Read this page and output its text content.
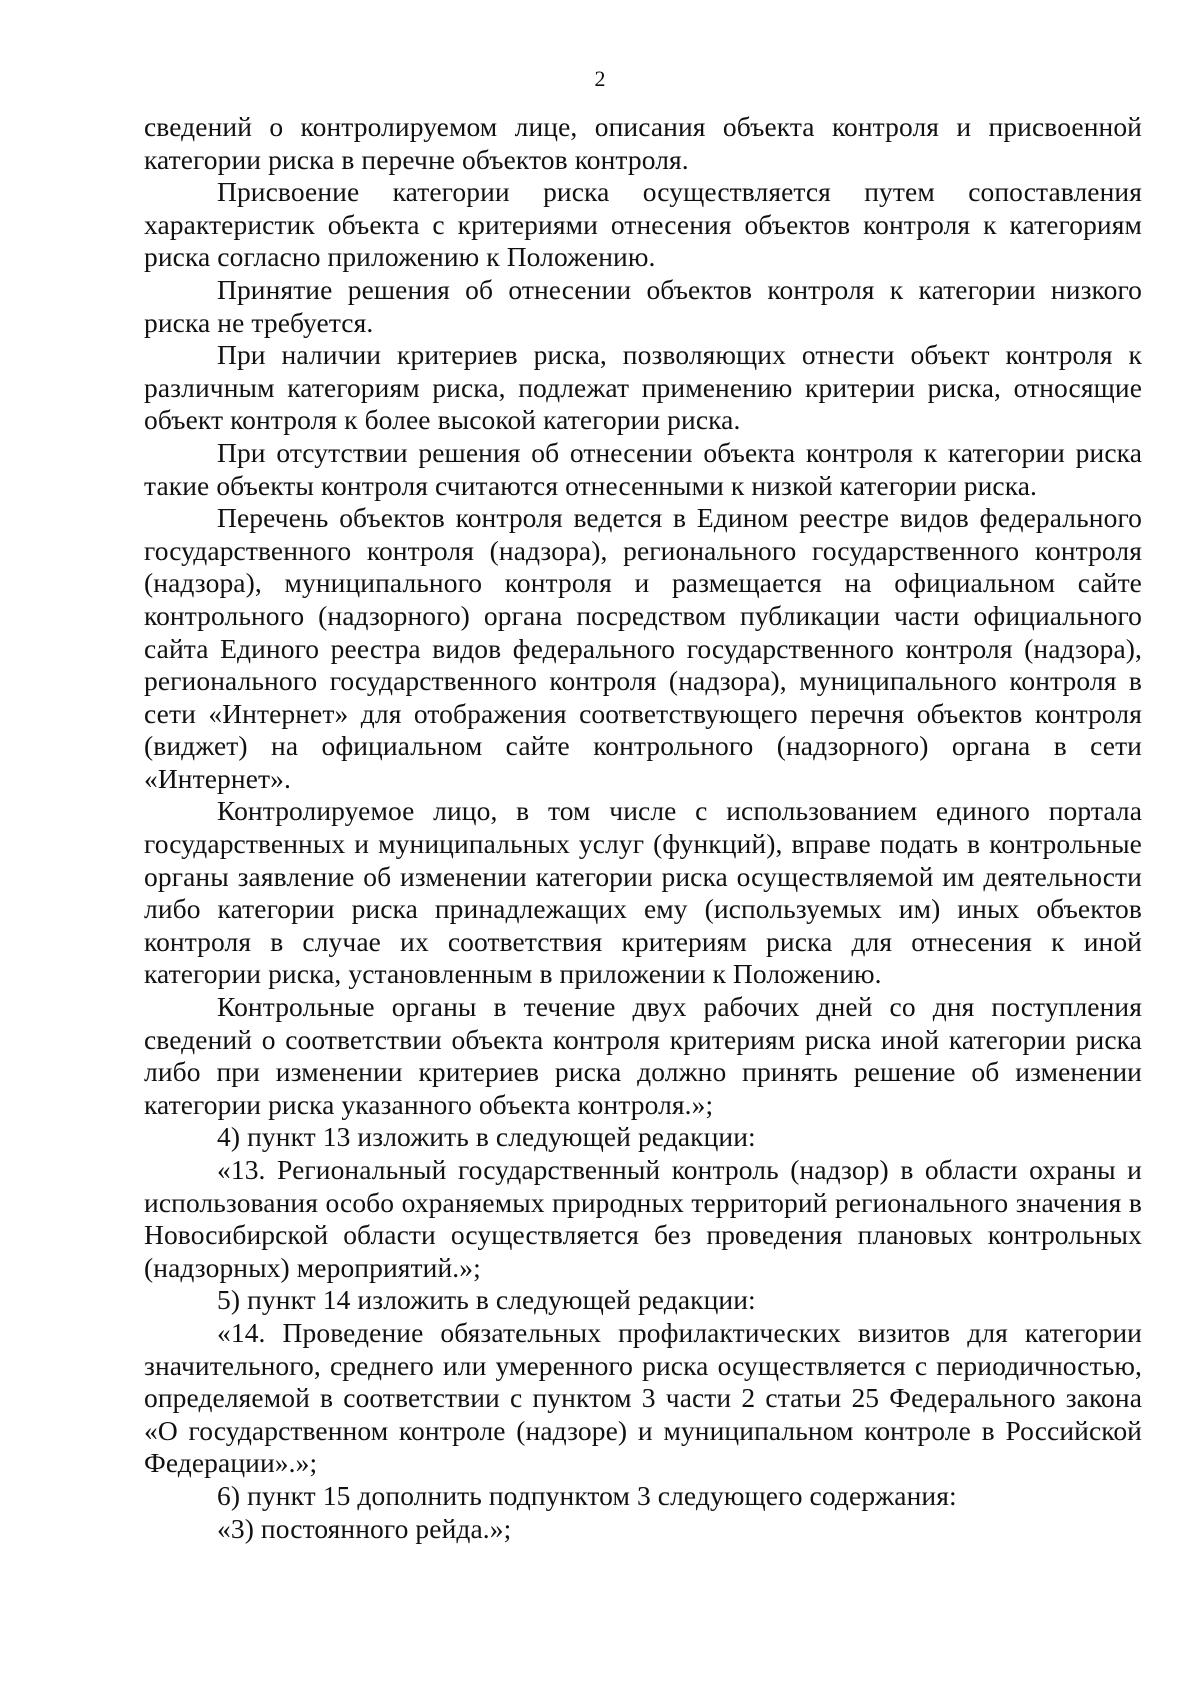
2

сведений о контролируемом лице, описания объекта контроля и присвоенной категории риска в перечне объектов контроля.

Присвоение категории риска осуществляется путем сопоставления характеристик объекта с критериями отнесения объектов контроля к категориям риска согласно приложению к Положению.

Принятие решения об отнесении объектов контроля к категории низкого риска не требуется.

При наличии критериев риска, позволяющих отнести объект контроля к различным категориям риска, подлежат применению критерии риска, относящие объект контроля к более высокой категории риска.

При отсутствии решения об отнесении объекта контроля к категории риска такие объекты контроля считаются отнесенными к низкой категории риска.

Перечень объектов контроля ведется в Едином реестре видов федерального государственного контроля (надзора), регионального государственного контроля (надзора), муниципального контроля и размещается на официальном сайте контрольного (надзорного) органа посредством публикации части официального сайта Единого реестра видов федерального государственного контроля (надзора), регионального государственного контроля (надзора), муниципального контроля в сети «Интернет» для отображения соответствующего перечня объектов контроля (виджет) на официальном сайте контрольного (надзорного) органа в сети «Интернет».

Контролируемое лицо, в том числе с использованием единого портала государственных и муниципальных услуг (функций), вправе подать в контрольные органы заявление об изменении категории риска осуществляемой им деятельности либо категории риска принадлежащих ему (используемых им) иных объектов контроля в случае их соответствия критериям риска для отнесения к иной категории риска, установленным в приложении к Положению.

Контрольные органы в течение двух рабочих дней со дня поступления сведений о соответствии объекта контроля критериям риска иной категории риска либо при изменении критериев риска должно принять решение об изменении категории риска указанного объекта контроля.»;

4) пункт 13 изложить в следующей редакции:

«13. Региональный государственный контроль (надзор) в области охраны и использования особо охраняемых природных территорий регионального значения в Новосибирской области осуществляется без проведения плановых контрольных (надзорных) мероприятий.»;

5) пункт 14 изложить в следующей редакции:

«14. Проведение обязательных профилактических визитов для категории значительного, среднего или умеренного риска осуществляется с периодичностью, определяемой в соответствии с пунктом 3 части 2 статьи 25 Федерального закона «О государственном контроле (надзоре) и муниципальном контроле в Российской Федерации».»;

6) пункт 15 дополнить подпунктом 3 следующего содержания:

«3) постоянного рейда.»;
